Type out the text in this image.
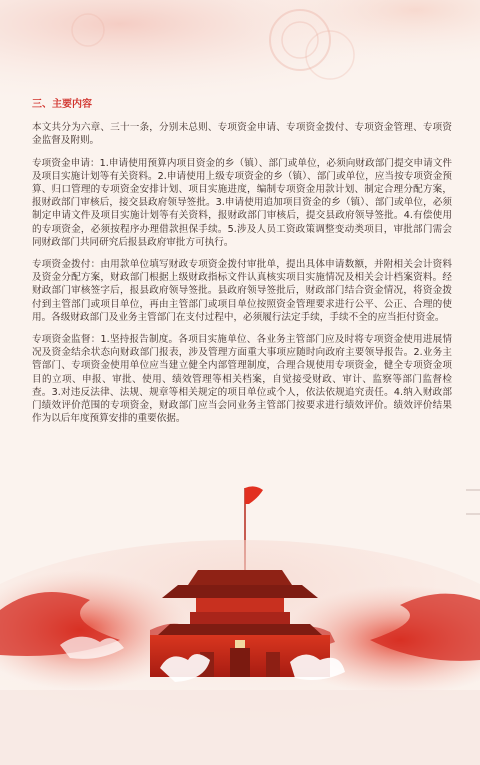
三、主要内容

本文共分为六章、三十一条，分别未总则、专项资金申请、专项资金拨付、专项资金管理、专项资金监督及附则。

专项资金申请：1.申请使用预算内项目资金的乡（镇）、部门或单位，必须向财政部门提交申请文件及项目实施计划等有关资料。2.申请使用上级专项资金的乡（镇）、部门或单位，应当按专项资金预算、归口管理的专项资金安排计划、项目实施进度，编制专项资金用款计划、制定合理分配方案，报财政部门审核后，接交县政府领导签批。3.申请使用追加项目资金的乡（镇）、部门或单位，必须制定申请文件及项目实施计划等有关资料，报财政部门审核后，提交县政府领导签批。4.有偿使用的专项资金，必须按程序办理借款担保手续。5.涉及人员工资政策调整变动类项目，审批部门需会同财政部门共同研究后报县政府审批方可执行。

专项资金拨付：由用款单位填写财政专项资金拨付审批单，提出具体申请数额，并附相关会计资料及资金分配方案，财政部门根据上级财政指标文件认真核实项目实施情况及相关会计档案资料。经财政部门审核签字后，报县政府领导签批。县政府领导签批后，财政部门结合资金情况，将资金拨付到主管部门或项目单位，再由主管部门或项目单位按照资金管理要求进行公平、公正、合理的使用。各级财政部门及业务主管部门在支付过程中，必须履行法定手续，手续不全的应当拒付资金。

专项资金监督：1.坚持报告制度。各项目实施单位、各业务主管部门应及时将专项资金使用进展情况及资金结余状态向财政部门报表，涉及管理方面重大事项应随时向政府主要领导报告。2.业务主管部门、专项资金使用单位应当建立健全内部管理制度，合理合规使用专项资金，健全专项资金项目的立项、申报、审批、使用、绩效管理等相关档案，自觉接受财政、审计、监察等部门监督检查。3.对违反法律、法规、规章等相关规定的项目单位或个人，依法依规追究责任。4.纳入财政部门绩效评价范围的专项资金，财政部门应当会同业务主管部门按要求进行绩效评价。绩效评价结果作为以后年度预算安排的重要依据。
